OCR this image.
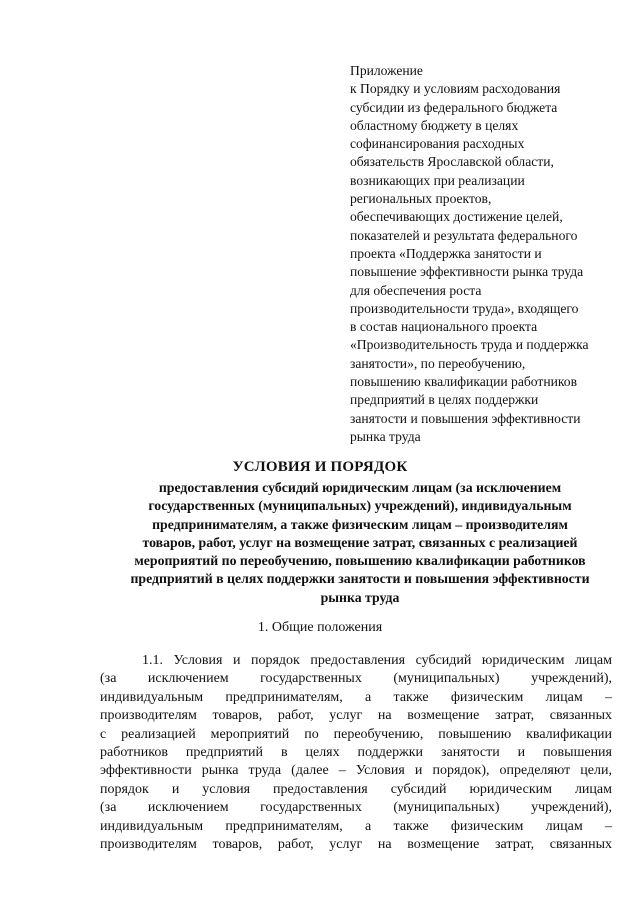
Приложение
к Порядку и условиям расходования
субсидии из федерального бюджета
областному бюджету в целях
софинансирования расходных
обязательств Ярославской области,
возникающих при реализации
региональных проектов,
обеспечивающих достижение целей,
показателей и результата федерального
проекта «Поддержка занятости и
повышение эффективности рынка труда
для обеспечения роста
производительности труда», входящего
в состав национального проекта
«Производительность труда и поддержка
занятости», по переобучению,
повышению квалификации работников
предприятий в целях поддержки
занятости и повышения эффективности
рынка труда
УСЛОВИЯ И ПОРЯДОК
предоставления субсидий юридическим лицам (за исключением
государственных (муниципальных) учреждений), индивидуальным
предпринимателям, а также физическим лицам – производителям
товаров, работ, услуг на возмещение затрат, связанных с реализацией
мероприятий по переобучению, повышению квалификации работников
предприятий в целях поддержки занятости и повышения эффективности
рынка труда
1. Общие положения
1.1. Условия и порядок предоставления субсидий юридическим лицам
(за исключением государственных (муниципальных) учреждений),
индивидуальным предпринимателям, а также физическим лицам –
производителям товаров, работ, услуг на возмещение затрат, связанных
с реализацией мероприятий по переобучению, повышению квалификации
работников предприятий в целях поддержки занятости и повышения
эффективности рынка труда (далее – Условия и порядок), определяют цели,
порядок и условия предоставления субсидий юридическим лицам
(за исключением государственных (муниципальных) учреждений),
индивидуальным предпринимателям, а также физическим лицам –
производителям товаров, работ, услуг на возмещение затрат, связанных
